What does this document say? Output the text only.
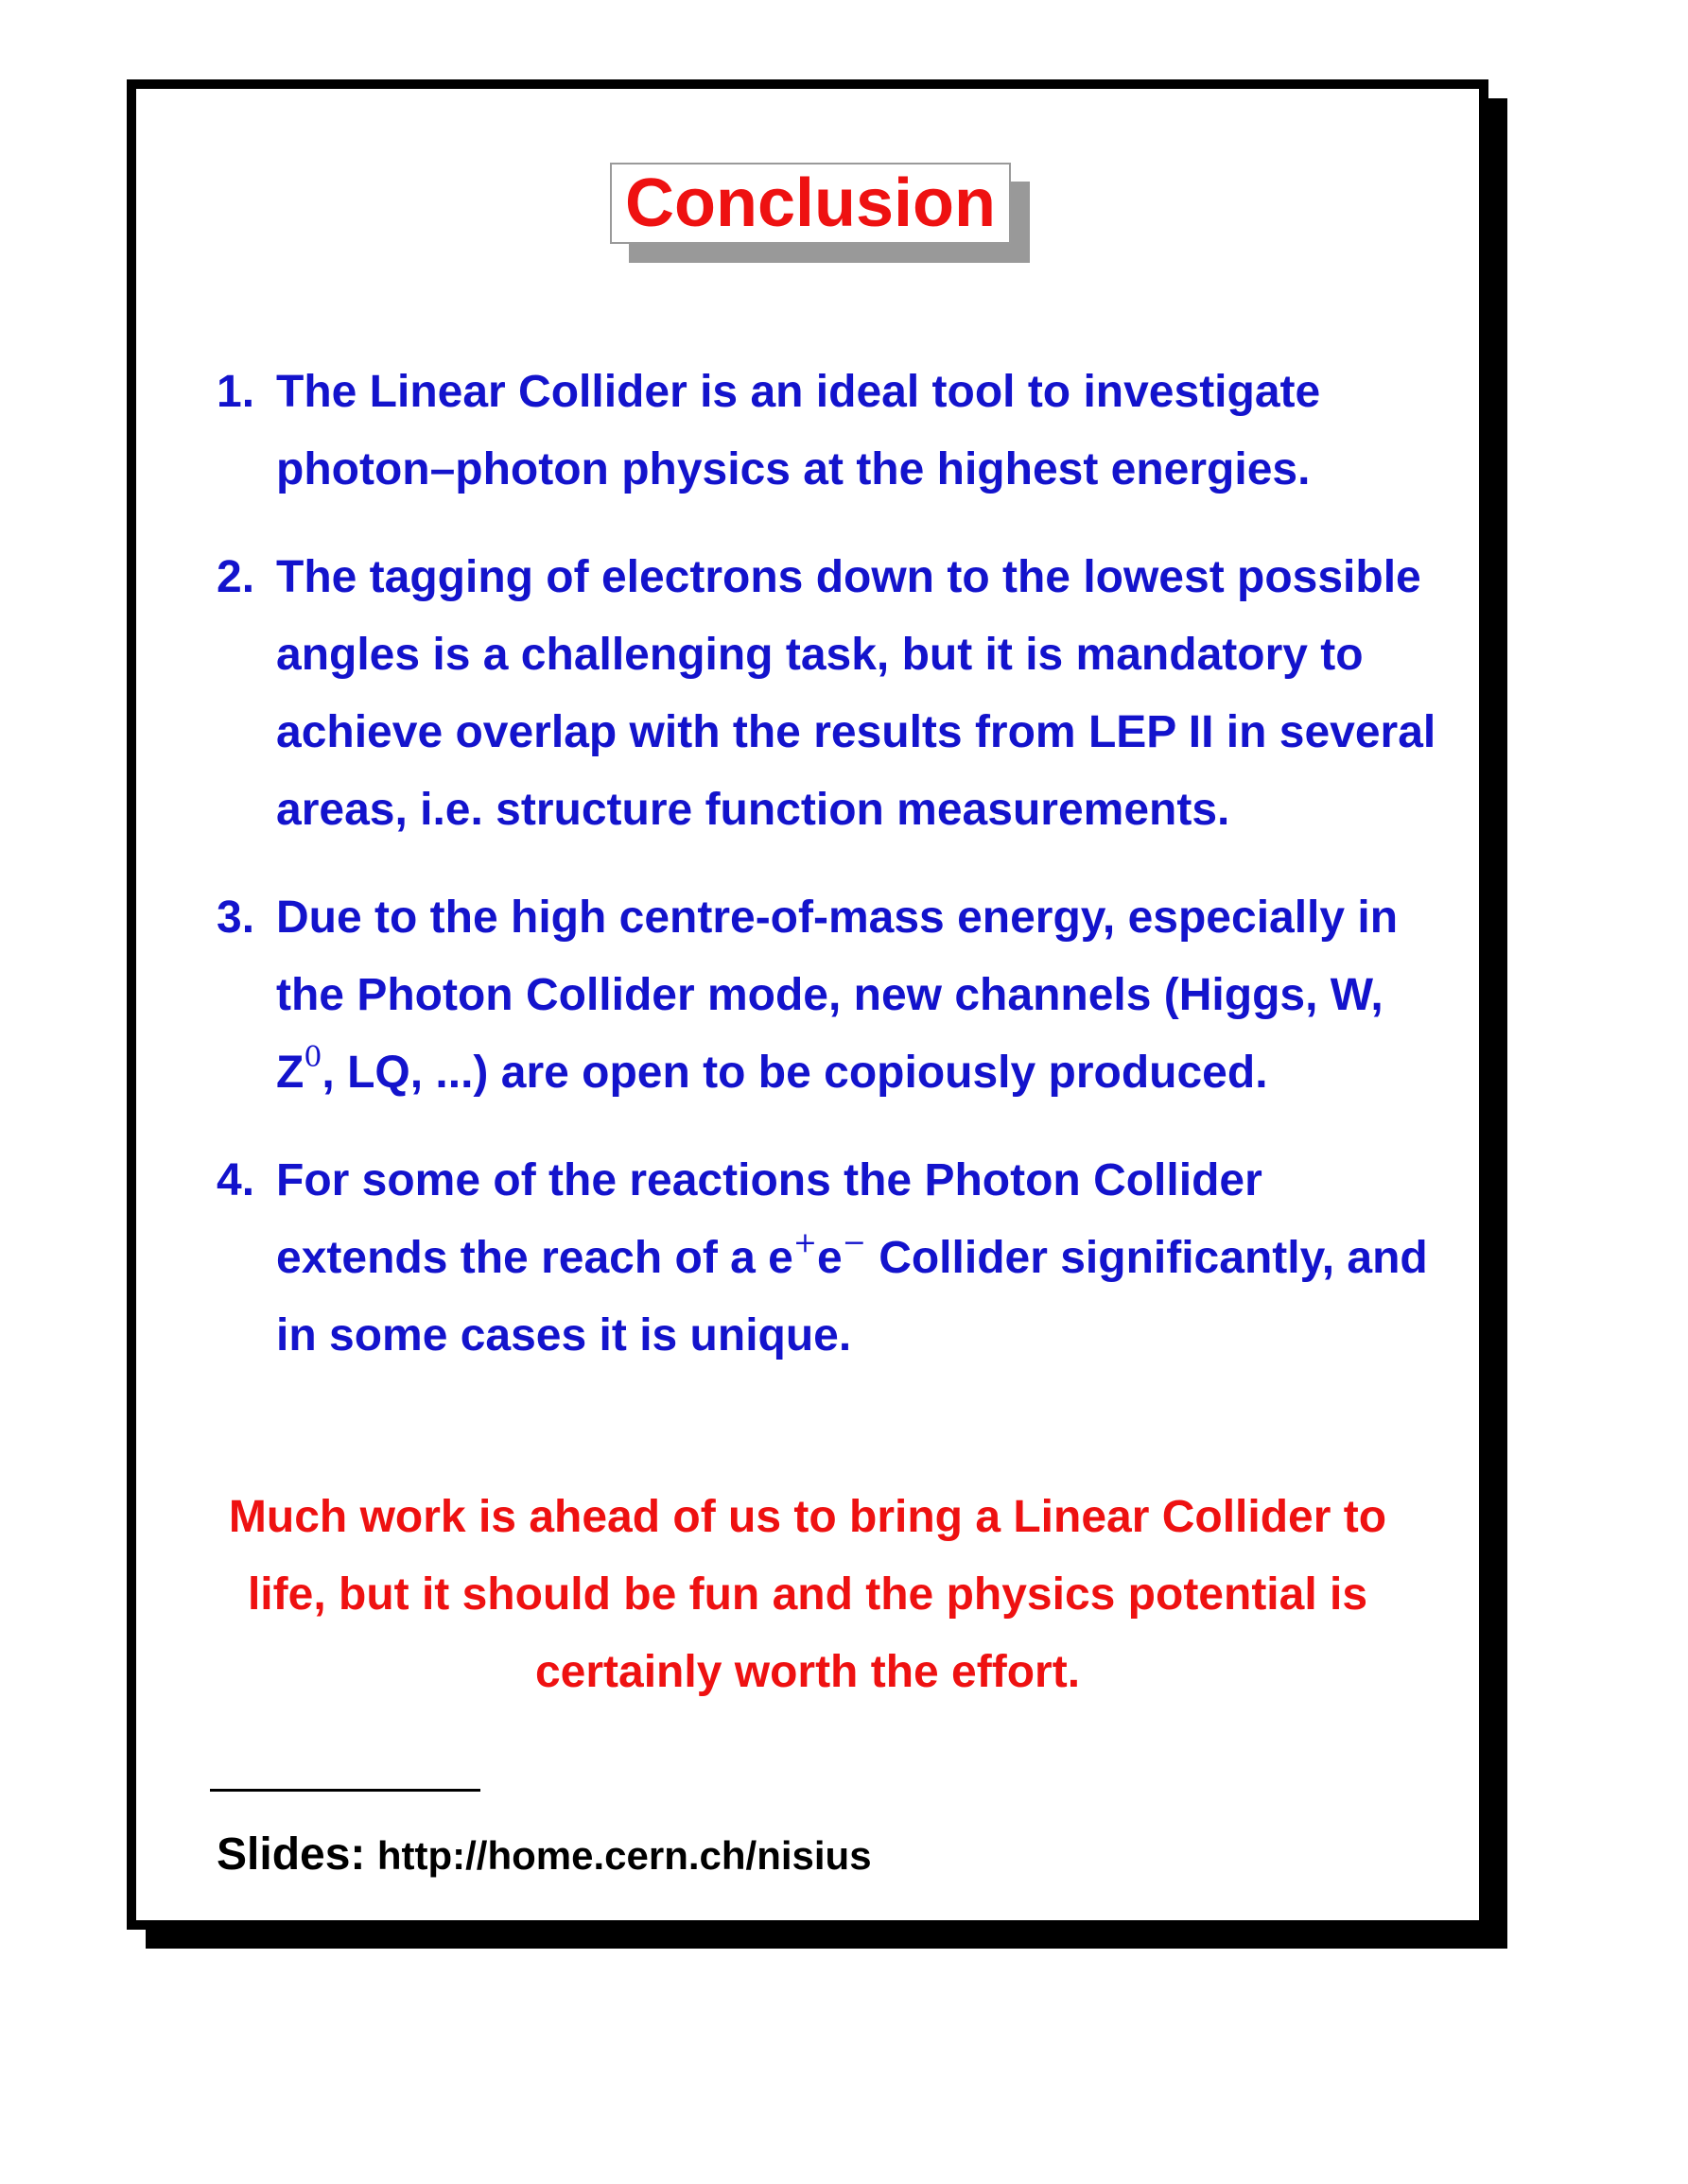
Conclusion
1. The Linear Collider is an ideal tool to investigate photon–photon physics at the highest energies.
2. The tagging of electrons down to the lowest possible angles is a challenging task, but it is mandatory to achieve overlap with the results from LEP II in several areas, i.e. structure function measurements.
3. Due to the high centre-of-mass energy, especially in the Photon Collider mode, new channels (Higgs, W, $Z^0$, LQ, ...) are open to be copiously produced.
4. For some of the reactions the Photon Collider extends the reach of a e+e− Collider significantly, and in some cases it is unique.
Much work is ahead of us to bring a Linear Collider to life, but it should be fun and the physics potential is certainly worth the effort.
Slides: http://home.cern.ch/nisius
